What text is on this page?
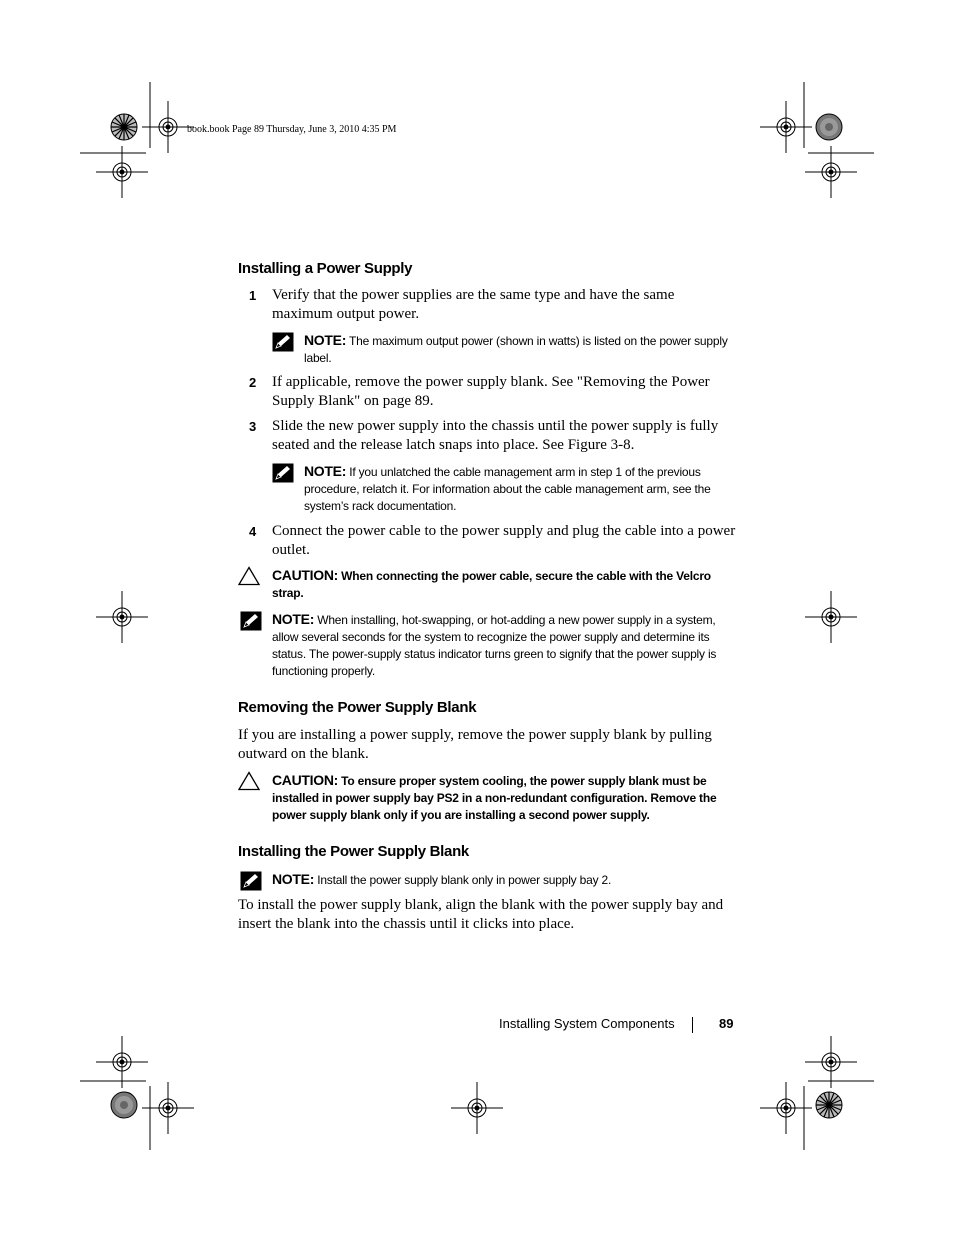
book.book Page 89 Thursday, June 3, 2010 4:35 PM
Installing a Power Supply
1 Verify that the power supplies are the same type and have the same maximum output power.
NOTE: The maximum output power (shown in watts) is listed on the power supply label.
2 If applicable, remove the power supply blank. See "Removing the Power Supply Blank" on page 89.
3 Slide the new power supply into the chassis until the power supply is fully seated and the release latch snaps into place. See Figure 3-8.
NOTE: If you unlatched the cable management arm in step 1 of the previous procedure, relatch it. For information about the cable management arm, see the system’s rack documentation.
4 Connect the power cable to the power supply and plug the cable into a power outlet.
CAUTION: When connecting the power cable, secure the cable with the Velcro strap.
NOTE: When installing, hot-swapping, or hot-adding a new power supply in a system, allow several seconds for the system to recognize the power supply and determine its status. The power-supply status indicator turns green to signify that the power supply is functioning properly.
Removing the Power Supply Blank
If you are installing a power supply, remove the power supply blank by pulling outward on the blank.
CAUTION: To ensure proper system cooling, the power supply blank must be installed in power supply bay PS2 in a non-redundant configuration. Remove the power supply blank only if you are installing a second power supply.
Installing the Power Supply Blank
NOTE: Install the power supply blank only in power supply bay 2.
To install the power supply blank, align the blank with the power supply bay and insert the blank into the chassis until it clicks into place.
Installing System Components	89
